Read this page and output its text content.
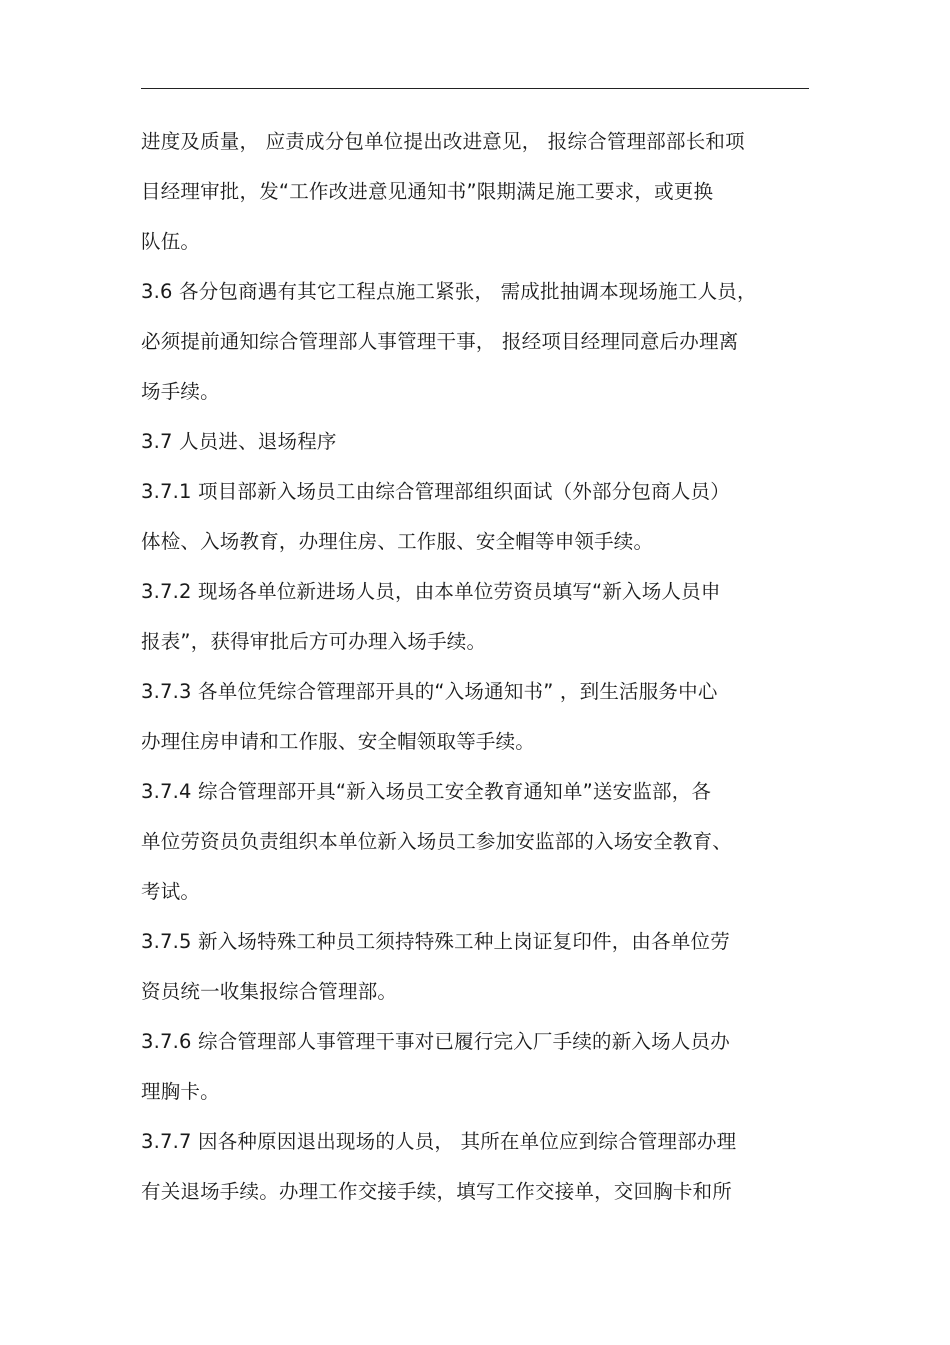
进度及质量， 应责成分包单位提出改进意见， 报综合管理部部长和项
目经理审批，发“工作改进意见通知书”限期满足施工要求，或更换
队伍。
3.6 各分包商遇有其它工程点施工紧张， 需成批抽调本现场施工人员，
必须提前通知综合管理部人事管理干事， 报经项目经理同意后办理离
场手续。
3.7 人员进、退场程序
3.7.1 项目部新入场员工由综合管理部组织面试（外部分包商人员）
体检、入场教育，办理住房、工作服、安全帽等申领手续。
3.7.2 现场各单位新进场人员，由本单位劳资员填写“新入场人员申
报表”，获得审批后方可办理入场手续。
3.7.3 各单位凭综合管理部开具的“入场通知书” ，到生活服务中心
办理住房申请和工作服、安全帽领取等手续。
3.7.4 综合管理部开具“新入场员工安全教育通知单”送安监部，各
单位劳资员负责组织本单位新入场员工参加安监部的入场安全教育、
考试。
3.7.5 新入场特殊工种员工须持特殊工种上岗证复印件，由各单位劳
资员统一收集报综合管理部。
3.7.6 综合管理部人事管理干事对已履行完入厂手续的新入场人员办
理胸卡。
3.7.7 因各种原因退出现场的人员， 其所在单位应到综合管理部办理
有关退场手续。办理工作交接手续，填写工作交接单，交回胸卡和所
